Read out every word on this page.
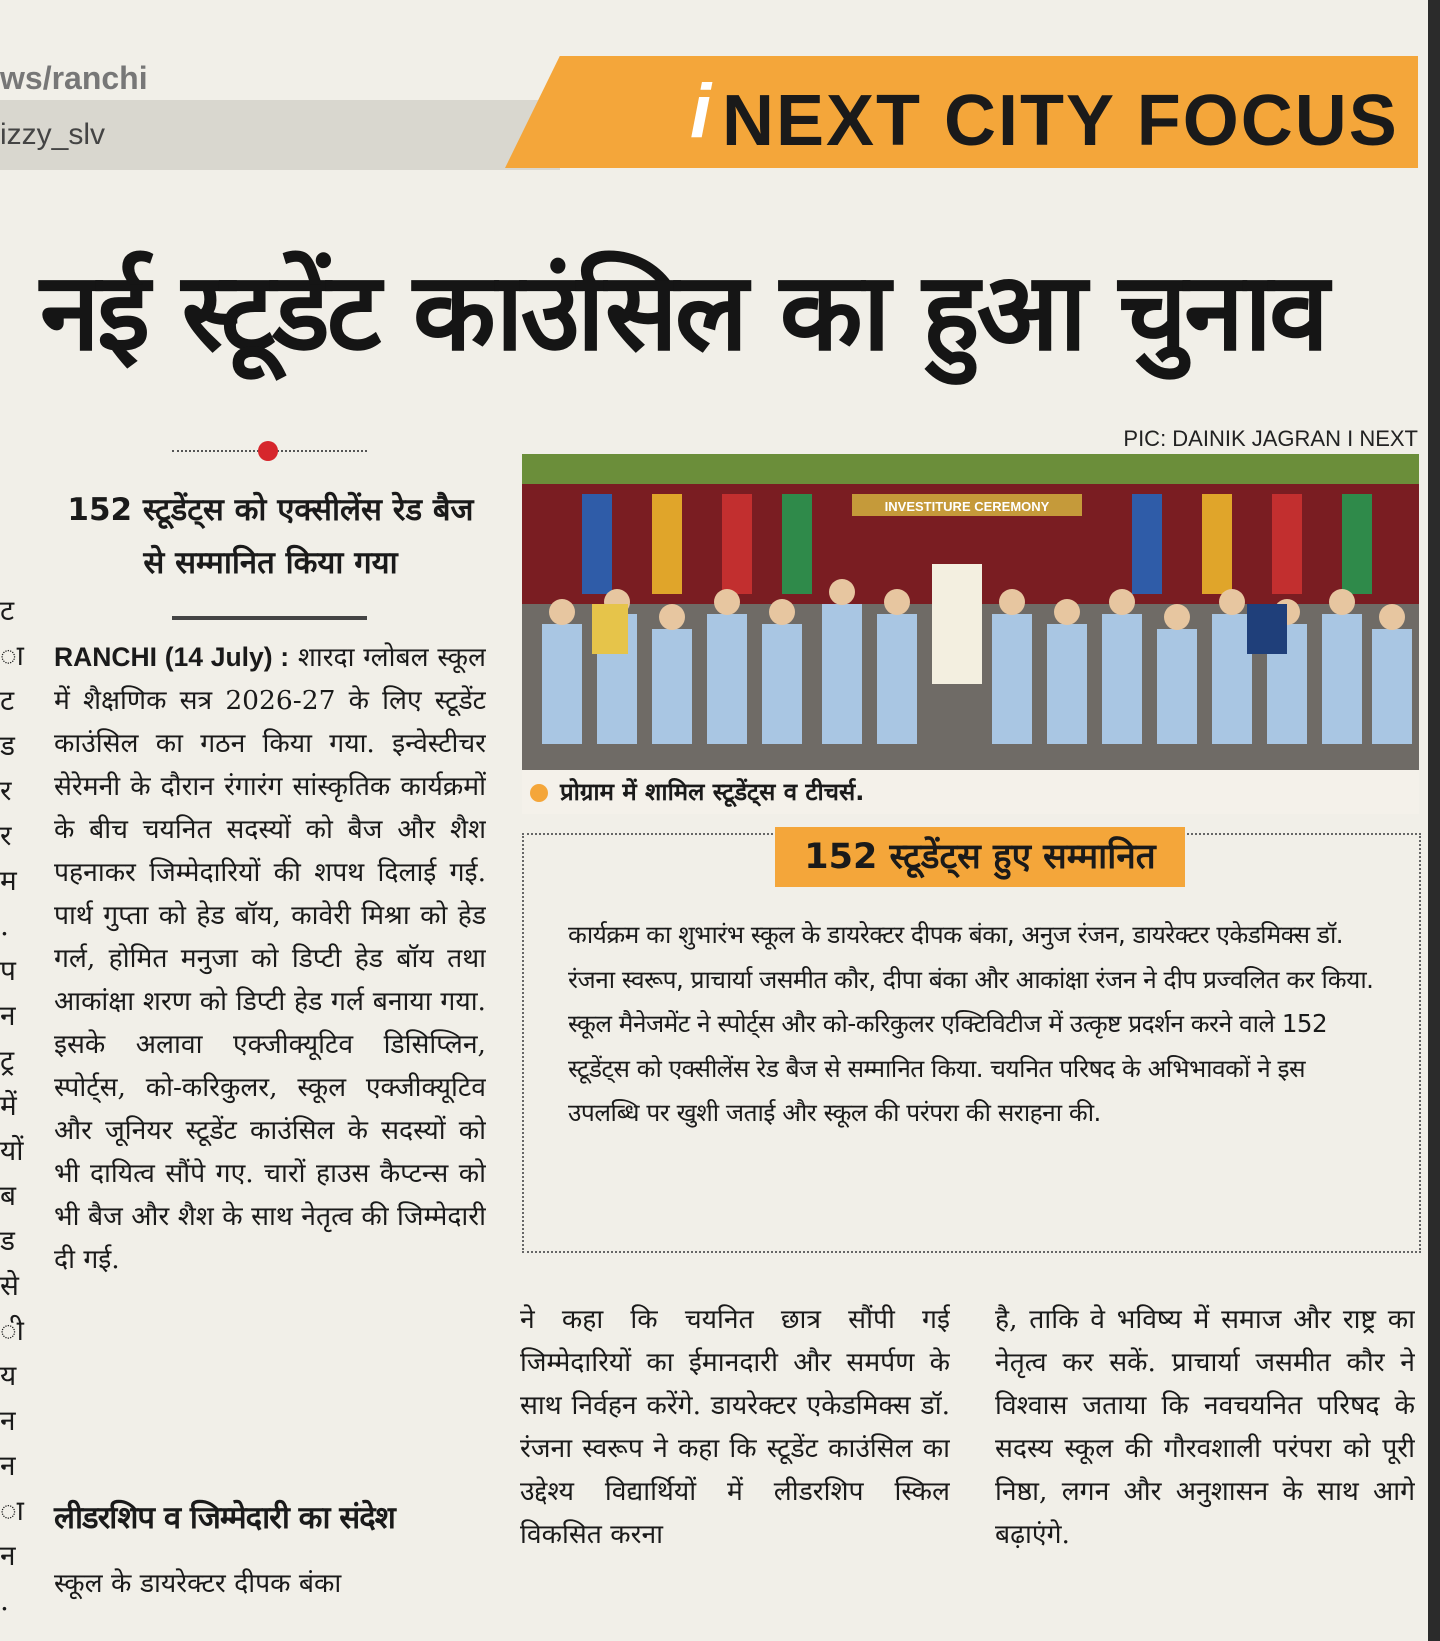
ws/ranchi
izzy_slv	i NEXT CITY FOCUS
नई स्टूडेंट काउंसिल का हुआ चुनाव
PIC: DAINIK JAGRAN I NEXT
152 स्टूडेंट्स को एक्सीलेंस रेड बैज से सम्मानित किया गया
ट
ा
ट
ड
र
र
म
.
प
न
ट्र
में
यों
ब
ड
से
ी
य
न
न
ा
न
.
RANCHI (14 July) : शारदा ग्लोबल स्कूल में शैक्षणिक सत्र 2026-27 के लिए स्टूडेंट काउंसिल का गठन किया गया. इन्वेस्टीचर सेरेमनी के दौरान रंगारंग सांस्कृतिक कार्यक्रमों के बीच चयनित सदस्यों को बैज और शैश पहनाकर जिम्मेदारियों की शपथ दिलाई गई. पार्थ गुप्ता को हेड बॉय, कावेरी मिश्रा को हेड गर्ल, होमित मनुजा को डिप्टी हेड बॉय तथा आकांक्षा शरण को डिप्टी हेड गर्ल बनाया गया. इसके अलावा एक्जीक्यूटिव डिसिप्लिन, स्पोर्ट्स, को-करिकुलर, स्कूल एक्जीक्यूटिव और जूनियर स्टूडेंट काउंसिल के सदस्यों को भी दायित्व सौंपे गए. चारों हाउस कैप्टन्स को भी बैज और शैश के साथ नेतृत्व की जिम्मेदारी दी गई.
लीडरशिप व जिम्मेदारी का संदेश
स्कूल के डायरेक्टर दीपक बंका
INVESTITURE CEREMONY
प्रोग्राम में शामिल स्टूडेंट्स व टीचर्स.
152 स्टूडेंट्स हुए सम्मानित
कार्यक्रम का शुभारंभ स्कूल के डायरेक्टर दीपक बंका, अनुज रंजन, डायरेक्टर एकेडमिक्स डॉ. रंजना स्वरूप, प्राचार्या जसमीत कौर, दीपा बंका और आकांक्षा रंजन ने दीप प्रज्वलित कर किया. स्कूल मैनेजमेंट ने स्पोर्ट्स और को-करिकुलर एक्टिविटीज में उत्कृष्ट प्रदर्शन करने वाले 152 स्टूडेंट्स को एक्सीलेंस रेड बैज से सम्मानित किया. चयनित परिषद के अभिभावकों ने इस उपलब्धि पर खुशी जताई और स्कूल की परंपरा की सराहना की.
ने कहा कि चयनित छात्र सौंपी गई जिम्मेदारियों का ईमानदारी और समर्पण के साथ निर्वहन करेंगे. डायरेक्टर एकेडमिक्स डॉ. रंजना स्वरूप ने कहा कि स्टूडेंट काउंसिल का उद्देश्य विद्यार्थियों में लीडरशिप स्किल विकसित करना
है, ताकि वे भविष्य में समाज और राष्ट्र का नेतृत्व कर सकें. प्राचार्या जसमीत कौर ने विश्वास जताया कि नवचयनित परिषद के सदस्य स्कूल की गौरवशाली परंपरा को पूरी निष्ठा, लगन और अनुशासन के साथ आगे बढ़ाएंगे.
